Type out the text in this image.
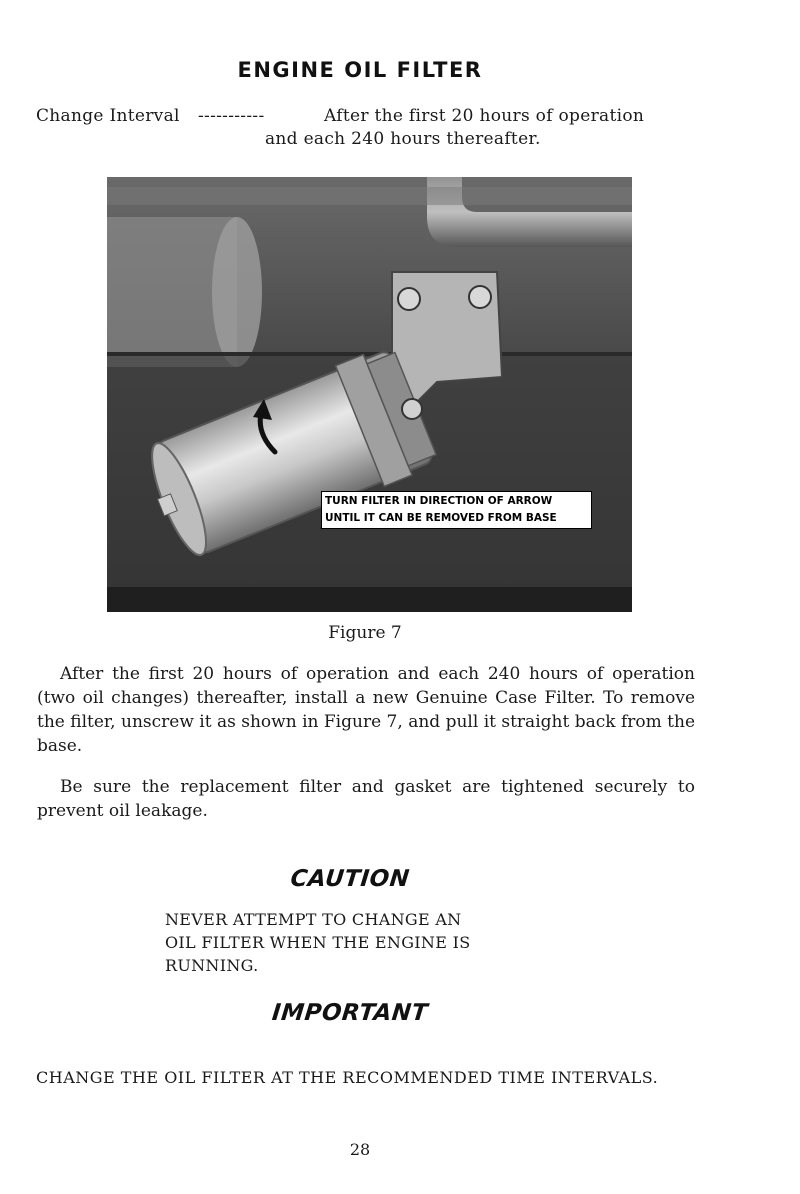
ENGINE OIL FILTER
Change Interval -----------	After the first 20 hours of operation
and each 240 hours thereafter.
TURN FILTER IN DIRECTION OF ARROW
UNTIL IT CAN BE REMOVED FROM BASE
Figure 7
After the first 20 hours of operation and each 240 hours of operation (two oil changes) thereafter, install a new Genuine Case Filter. To remove the filter, unscrew it as shown in Figure 7, and pull it straight back from the base.
Be sure the replacement filter and gasket are tightened securely to prevent oil leakage.
CAUTION
NEVER ATTEMPT TO CHANGE AN
OIL FILTER WHEN THE ENGINE IS
RUNNING.
IMPORTANT
CHANGE THE OIL FILTER AT THE RECOMMENDED TIME INTERVALS.
28
